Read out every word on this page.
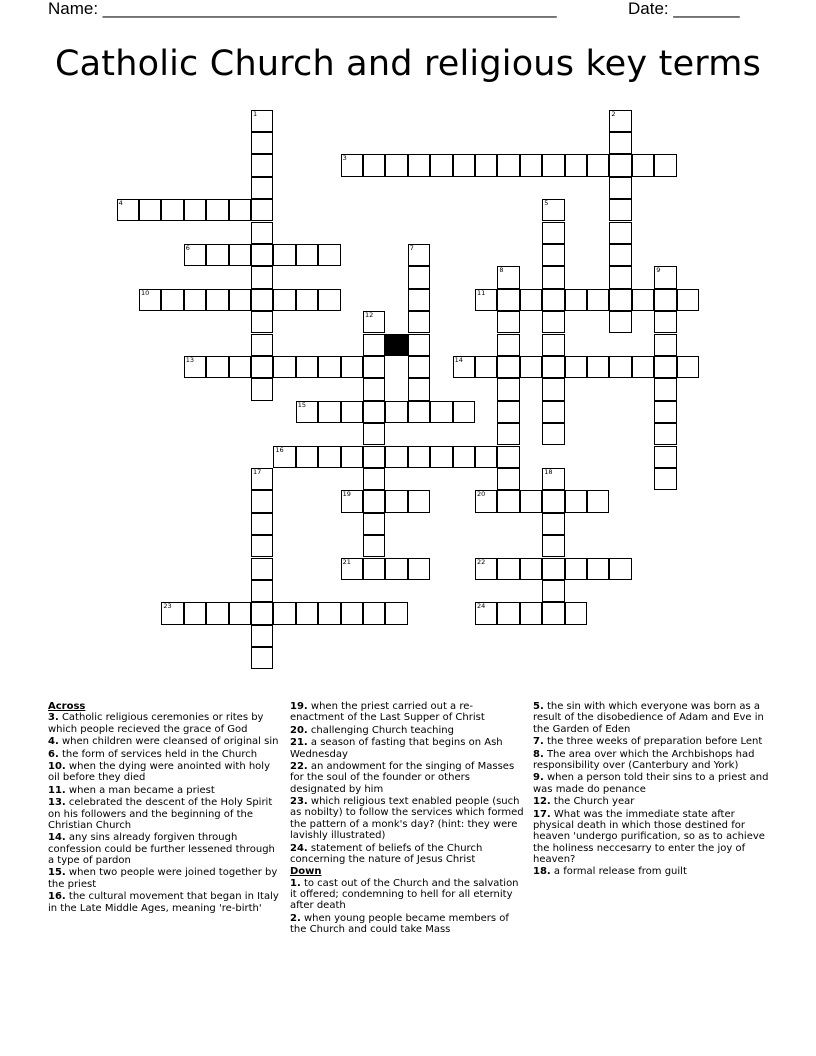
Name: ________________________________________________	Date: _______
Catholic Church and religious key terms
1	2
3
4	5
6	7
8	9
10	11
12
13	14
15
16
17	18
19	20
21	22
23	24
Across
3. Catholic religious ceremonies or rites by which people recieved the grace of God
4. when children were cleansed of original sin
6. the form of services held in the Church
10. when the dying were anointed with holy oil before they died
11. when a man became a priest
13. celebrated the descent of the Holy Spirit on his followers and the beginning of the Christian Church
14. any sins already forgiven through confession could be further lessened through a type of pardon
15. when two people were joined together by the priest
16. the cultural movement that began in Italy in the Late Middle Ages, meaning 're-birth'
19. when the priest carried out a re-enactment of the Last Supper of Christ
20. challenging Church teaching
21. a season of fasting that begins on Ash Wednesday
22. an andowment for the singing of Masses for the soul of the founder or others designated by him
23. which religious text enabled people (such as nobilty) to follow the services which formed the pattern of a monk's day? (hint: they were lavishly illustrated)
24. statement of beliefs of the Church concerning the nature of Jesus Christ
Down
1. to cast out of the Church and the salvation it offered; condemning to hell for all eternity after death
2. when young people became members of the Church and could take Mass
5. the sin with which everyone was born as a result of the disobedience of Adam and Eve in the Garden of Eden
7. the three weeks of preparation before Lent
8. The area over which the Archbishops had responsibility over (Canterbury and York)
9. when a person told their sins to a priest and was made do penance
12. the Church year
17. What was the immediate state after physical death in which those destined for heaven 'undergo purification, so as to achieve the holiness neccesarry to enter the joy of heaven?
18. a formal release from guilt
